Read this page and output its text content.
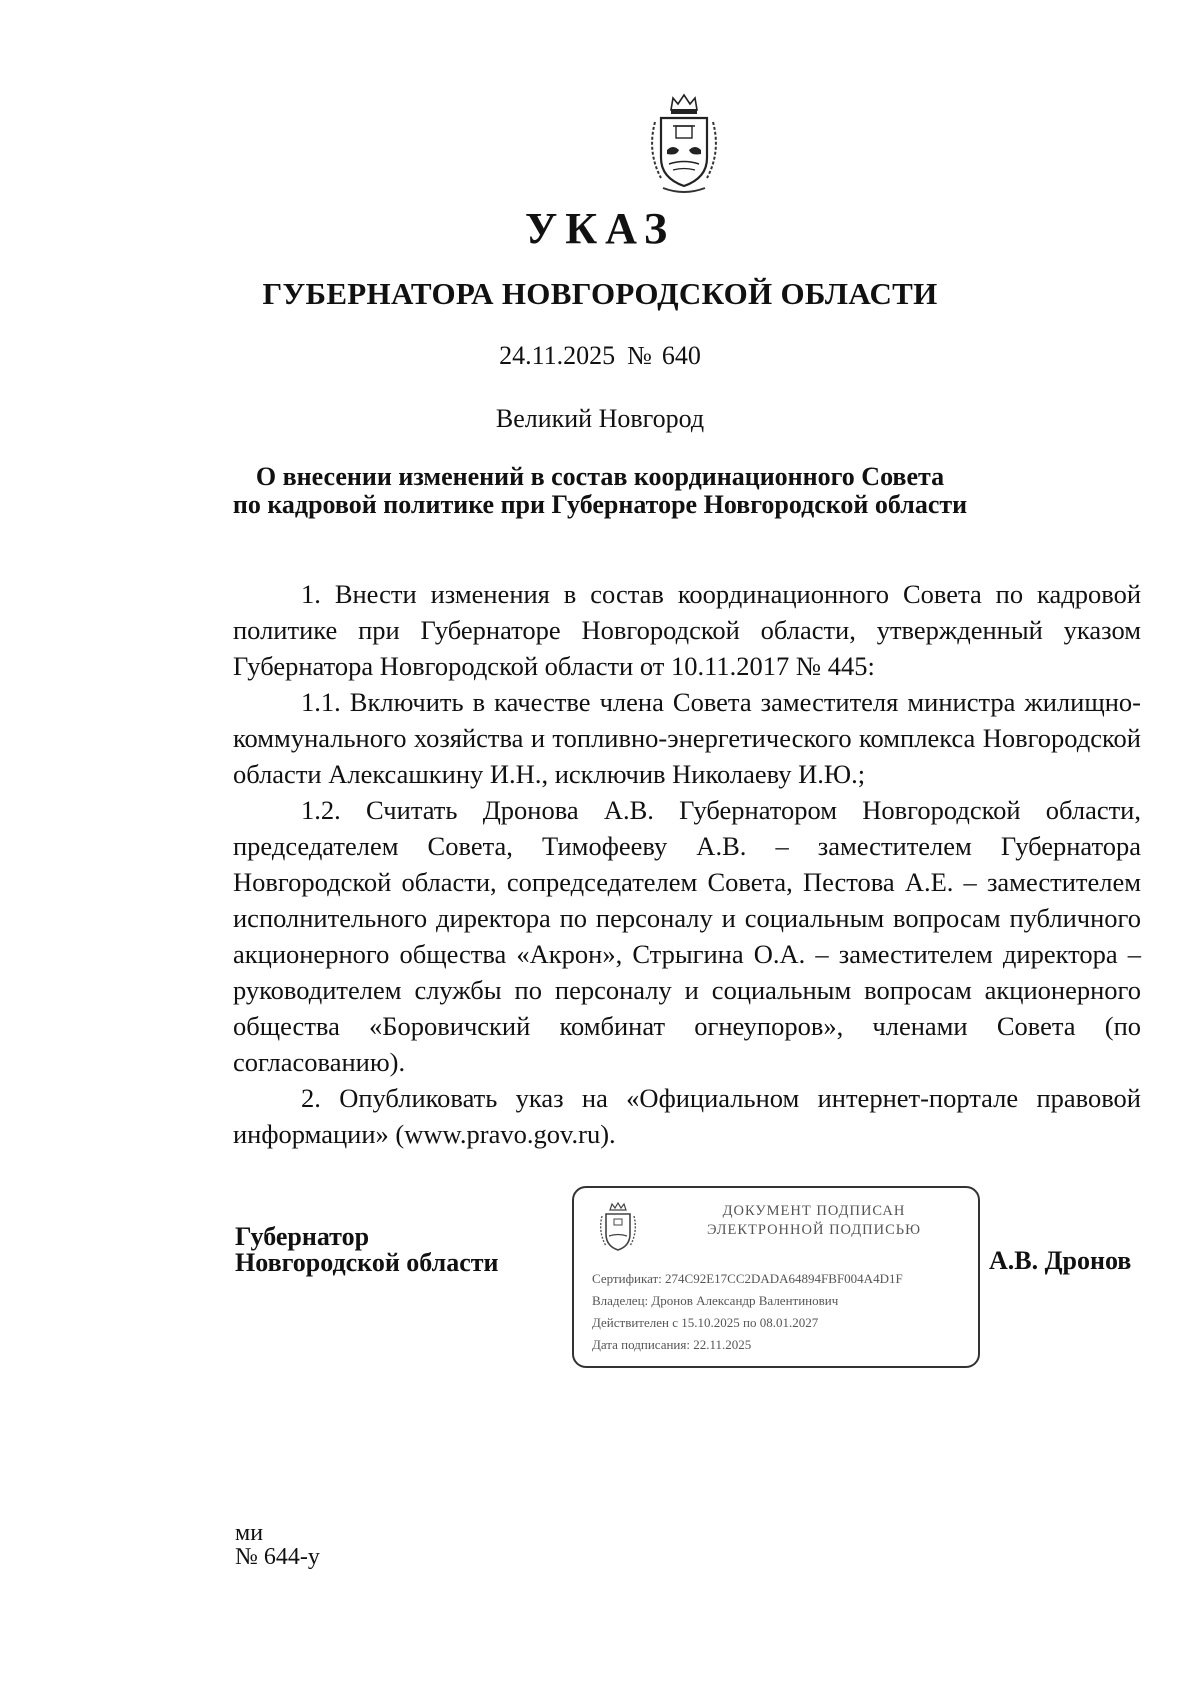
УКАЗ
ГУБЕРНАТОРА НОВГОРОДСКОЙ ОБЛАСТИ
24.11.2025 № 640
Великий Новгород
О внесении изменений в состав координационного Совета
по кадровой политике при Губернаторе Новгородской области

1. Внести изменения в состав координационного Совета по кадровой политике при Губернаторе Новгородской области, утвержденный указом Губернатора Новгородской области от 10.11.2017 № 445:

1.1. Включить в качестве члена Совета заместителя министра жилищно-коммунального хозяйства и топливно-энергетического комплекса Новгородской области Алексашкину И.Н., исключив Николаеву И.Ю.;

1.2. Считать Дронова А.В. Губернатором Новгородской области, председателем Совета, Тимофееву А.В. – заместителем Губернатора Новгородской области, сопредседателем Совета, Пестова А.Е. – заместителем исполнительного директора по персоналу и социальным вопросам публичного акционерного общества «Акрон», Стрыгина О.А. – заместителем директора – руководителем службы по персоналу и социальным вопросам акционерного общества «Боровичский комбинат огнеупоров», членами Совета (по согласованию).

2. Опубликовать указ на «Официальном интернет-портале правовой информации» (www.pravo.gov.ru).

Губернатор
Новгородской области
ДОКУМЕНТ ПОДПИСАН
ЭЛЕКТРОННОЙ ПОДПИСЬЮ
Сертификат: 274C92E17CC2DADA64894FBF004A4D1F
Владелец: Дронов Александр Валентинович
Действителен с 15.10.2025 по 08.01.2027
Дата подписания: 22.11.2025
А.В. Дронов
ми
№ 644-у
